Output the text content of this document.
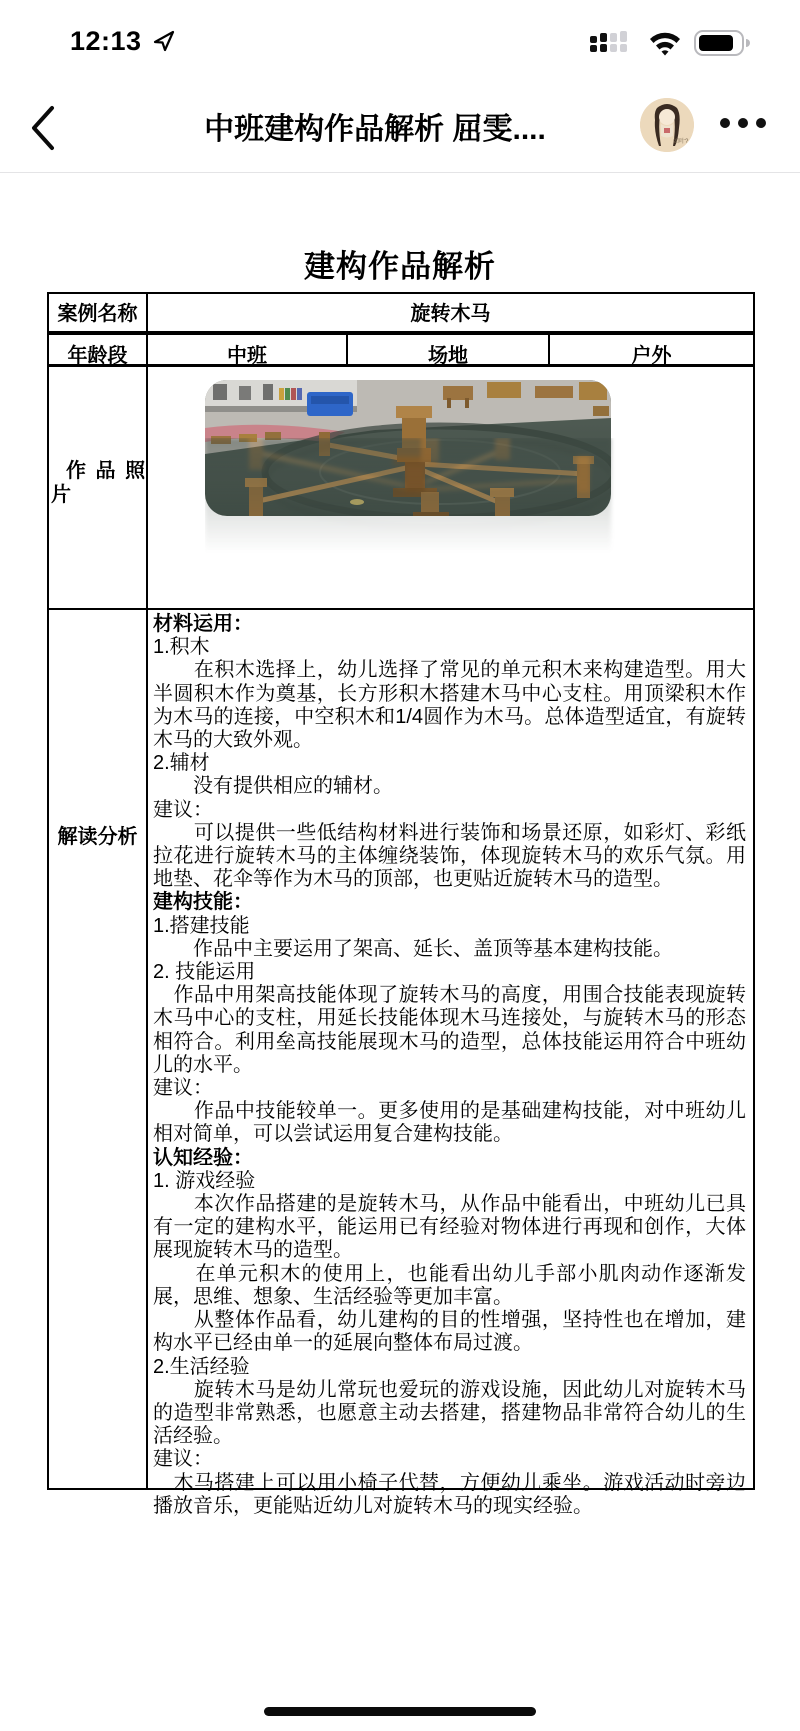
12:13
中班建构作品解析 屈雯....	如叶?
建构作品解析
案例名称	旋转木马
年龄段	中班	场地	户外
作 品 照
片
解读分析
材料运用：
1.积木
　　在积木选择上，幼儿选择了常见的单元积木来构建造型。用大半圆积木作为奠基，长方形积木搭建木马中心支柱。用顶梁积木作为木马的连接，中空积木和1/4圆作为木马。总体造型适宜，有旋转木马的大致外观。
2.辅材
　　没有提供相应的辅材。
建议：
　　可以提供一些低结构材料进行装饰和场景还原，如彩灯、彩纸拉花进行旋转木马的主体缠绕装饰，体现旋转木马的欢乐气氛。用地垫、花伞等作为木马的顶部，也更贴近旋转木马的造型。
建构技能：
1.搭建技能
　　作品中主要运用了架高、延长、盖顶等基本建构技能。
2. 技能运用
　作品中用架高技能体现了旋转木马的高度，用围合技能表现旋转木马中心的支柱，用延长技能体现木马连接处，与旋转木马的形态相符合。利用垒高技能展现木马的造型，总体技能运用符合中班幼儿的水平。
建议：
　　作品中技能较单一。更多使用的是基础建构技能，对中班幼儿相对简单，可以尝试运用复合建构技能。
认知经验：
1. 游戏经验
　　本次作品搭建的是旋转木马，从作品中能看出，中班幼儿已具有一定的建构水平，能运用已有经验对物体进行再现和创作，大体展现旋转木马的造型。
　　在单元积木的使用上，也能看出幼儿手部小肌肉动作逐渐发展，思维、想象、生活经验等更加丰富。
　　从整体作品看，幼儿建构的目的性增强，坚持性也在增加，建构水平已经由单一的延展向整体布局过渡。
2.生活经验
　　旋转木马是幼儿常玩也爱玩的游戏设施，因此幼儿对旋转木马的造型非常熟悉，也愿意主动去搭建，搭建物品非常符合幼儿的生活经验。
建议：
　木马搭建上可以用小椅子代替，方便幼儿乘坐。游戏活动时旁边播放音乐，更能贴近幼儿对旋转木马的现实经验。
